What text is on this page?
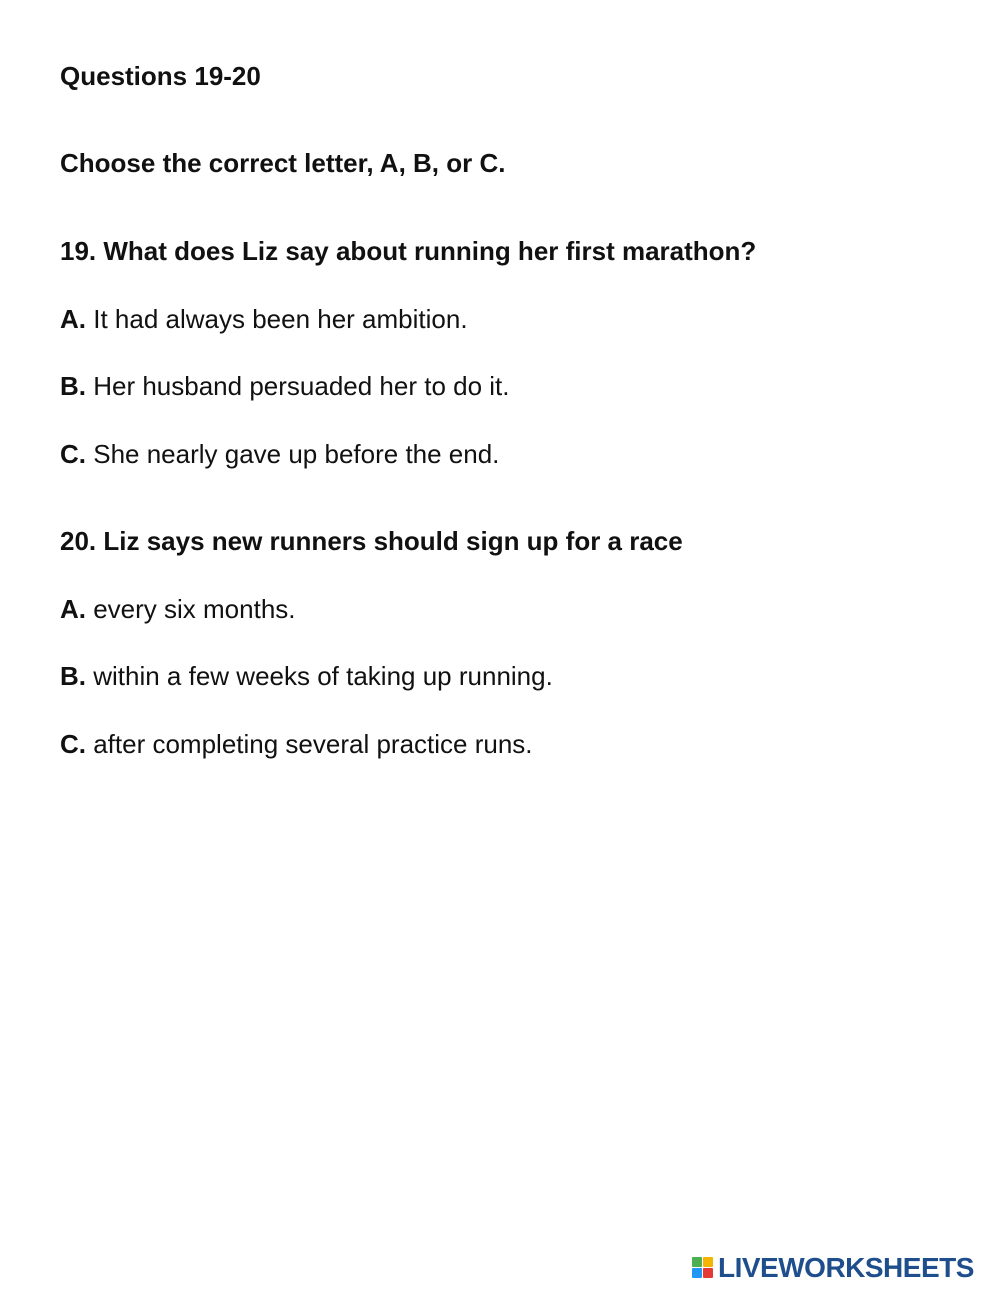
Questions 19-20
Choose the correct letter, A, B, or C.
19. What does Liz say about running her first marathon?
A. It had always been her ambition.
B. Her husband persuaded her to do it.
C. She nearly gave up before the end.
20. Liz says new runners should sign up for a race
A. every six months.
B. within a few weeks of taking up running.
C. after completing several practice runs.
LIVEWORKSHEETS
